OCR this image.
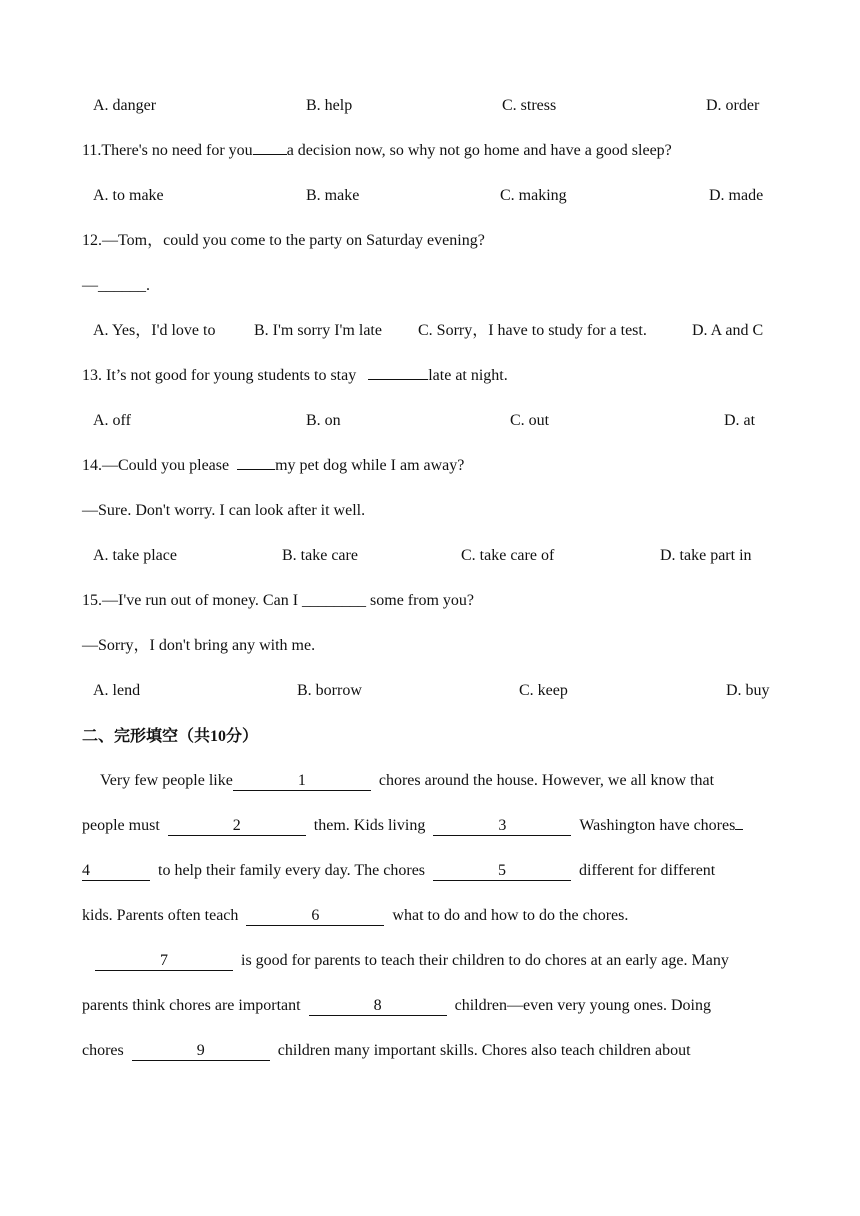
A. danger	B. help	C. stress	D. order
11.There's no need for you a decision now, so why not go home and have a good sleep?
A. to make	B. make	C. making	D. made
12.—Tom，could you come to the party on Saturday evening?
—______.
A. Yes，I'd love to B. I'm sorry I'm late C. Sorry，I have to study for a test.	D. A and C
13. It’s not good for young students to stay	late at night.
A. off	B. on	C. out	D. at
14.—Could you please	my pet dog while I am away?
—Sure. Don't worry. I can look after it well.
A. take place	B. take care	C. take care of	D. take part in
15.—I've run out of money. Can I ________ some from you?
—Sorry，I don't bring any with me.
A. lend	B. borrow	C. keep	D. buy
二、完形填空（共10分）
Very few people like	1	chores around the house. However, we all know that
people must	2	them. Kids living	3	Washington have chores
4	to help their family every day. The chores	5	different for different
kids. Parents often teach	6	what to do and how to do the chores.
7	is good for parents to teach their children to do chores at an early age. Many
parents think chores are important	8	children—even very young ones. Doing
chores	9	children many important skills. Chores also teach children about
